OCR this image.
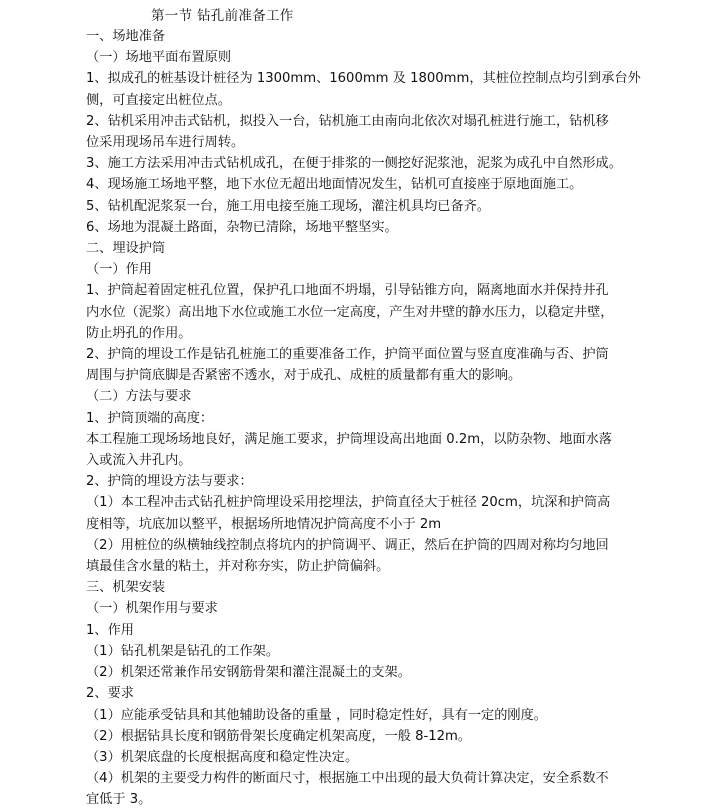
第一节 钻孔前准备工作
一、场地准备
（一）场地平面布置原则
1、拟成孔的桩基设计桩径为 1300mm、1600mm 及 1800mm，其桩位控制点均引到承台外
侧，可直接定出桩位点。
2、钻机采用冲击式钻机，拟投入一台，钻机施工由南向北依次对塌孔桩进行施工，钻机移
位采用现场吊车进行周转。
3、施工方法采用冲击式钻机成孔，在便于排浆的一侧挖好泥浆池，泥浆为成孔中自然形成。
4、现场施工场地平整，地下水位无超出地面情况发生，钻机可直接座于原地面施工。
5、钻机配泥浆泵一台，施工用电接至施工现场，灌注机具均已备齐。
6、场地为混凝土路面，杂物已清除，场地平整坚实。
二、埋设护筒
（一）作用
1、护筒起着固定桩孔位置，保护孔口地面不坍塌，引导钻锥方向，隔离地面水并保持井孔
内水位（泥浆）高出地下水位或施工水位一定高度，产生对井壁的静水压力，以稳定井壁，
防止坍孔的作用。
2、护筒的埋设工作是钻孔桩施工的重要准备工作，护筒平面位置与竖直度准确与否、护筒
周围与护筒底脚是否紧密不透水，对于成孔、成桩的质量都有重大的影响。
（二）方法与要求
1、护筒顶端的高度：
本工程施工现场场地良好，满足施工要求，护筒埋设高出地面 0.2m，以防杂物、地面水落
入或流入井孔内。
2、护筒的埋设方法与要求：
（1）本工程冲击式钻孔桩护筒埋设采用挖埋法，护筒直径大于桩径 20cm，坑深和护筒高
度相等，坑底加以整平，根据场所地情况护筒高度不小于 2m
（2）用桩位的纵横轴线控制点将坑内的护筒调平、调正，然后在护筒的四周对称均匀地回
填最佳含水量的粘土，并对称夯实，防止护筒偏斜。
三、机架安装
（一）机架作用与要求
1、作用
（1）钻孔机架是钻孔的工作架。
（2）机架还常兼作吊安钢筋骨架和灌注混凝土的支架。
2、要求
（1）应能承受钻具和其他辅助设备的重量 ，同时稳定性好，具有一定的刚度。
（2）根据钻具长度和钢筋骨架长度确定机架高度，一般 8-12m。
（3）机架底盘的长度根据高度和稳定性决定。
（4）机架的主要受力构件的断面尺寸，根据施工中出现的最大负荷计算决定，安全系数不
宜低于 3。
